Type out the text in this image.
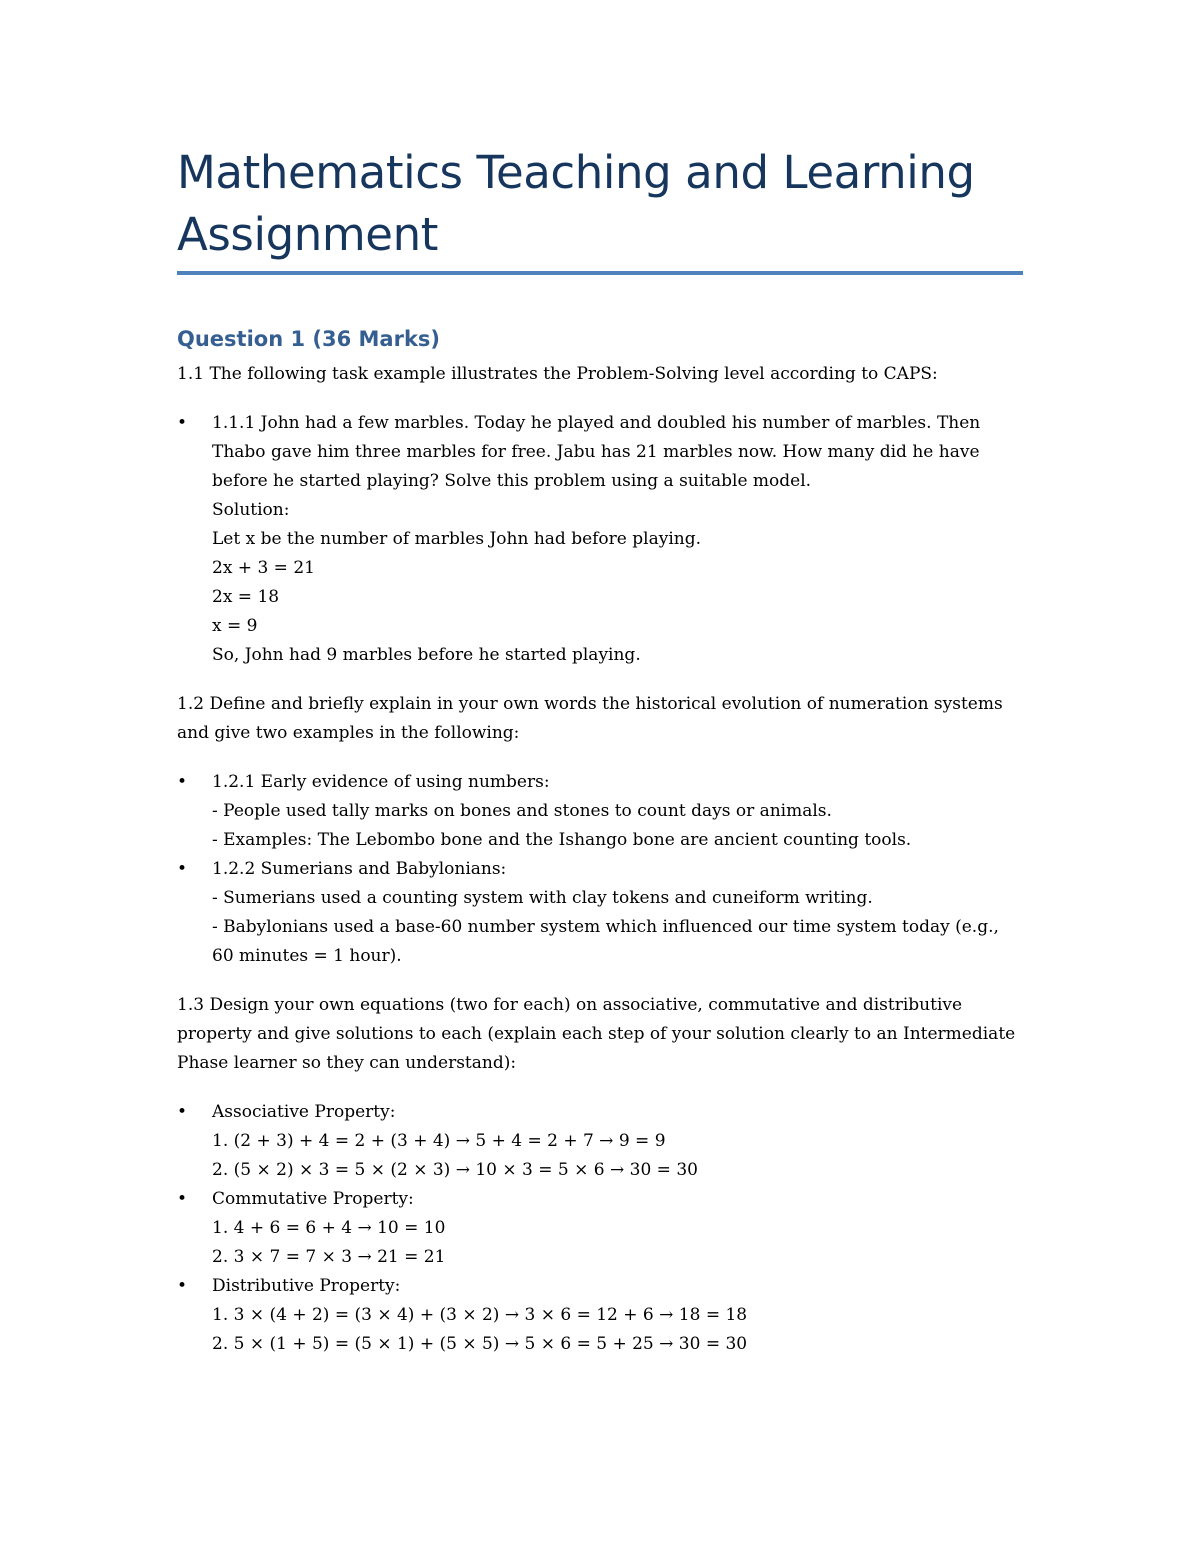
Mathematics Teaching and Learning Assignment
Question 1 (36 Marks)

1.1 The following task example illustrates the Problem-Solving level according to CAPS:

• 1.1.1 John had a few marbles. Today he played and doubled his number of marbles. Then Thabo gave him three marbles for free. Jabu has 21 marbles now. How many did he have before he started playing? Solve this problem using a suitable model.
Solution:
Let x be the number of marbles John had before playing.
2x + 3 = 21
2x = 18
x = 9
So, John had 9 marbles before he started playing.

1.2 Define and briefly explain in your own words the historical evolution of numeration systems and give two examples in the following:

• 1.2.1 Early evidence of using numbers:
- People used tally marks on bones and stones to count days or animals.
- Examples: The Lebombo bone and the Ishango bone are ancient counting tools.
• 1.2.2 Sumerians and Babylonians:
- Sumerians used a counting system with clay tokens and cuneiform writing.
- Babylonians used a base-60 number system which influenced our time system today (e.g., 60 minutes = 1 hour).

1.3 Design your own equations (two for each) on associative, commutative and distributive property and give solutions to each (explain each step of your solution clearly to an Intermediate Phase learner so they can understand):

• Associative Property:
1. (2 + 3) + 4 = 2 + (3 + 4) → 5 + 4 = 2 + 7 → 9 = 9
2. (5 × 2) × 3 = 5 × (2 × 3) → 10 × 3 = 5 × 6 → 30 = 30
• Commutative Property:
1. 4 + 6 = 6 + 4 → 10 = 10
2. 3 × 7 = 7 × 3 → 21 = 21
• Distributive Property:
1. 3 × (4 + 2) = (3 × 4) + (3 × 2) → 3 × 6 = 12 + 6 → 18 = 18
2. 5 × (1 + 5) = (5 × 1) + (5 × 5) → 5 × 6 = 5 + 25 → 30 = 30
